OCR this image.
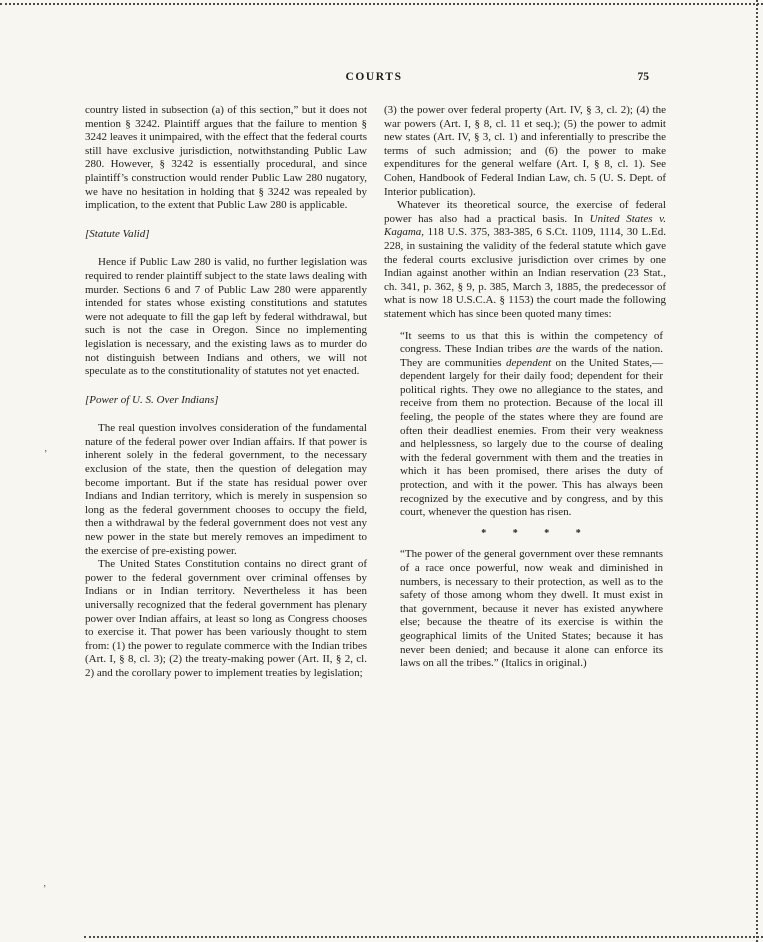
COURTS	75

country listed in subsection (a) of this section,” but it does not mention § 3242. Plaintiff argues that the failure to mention § 3242 leaves it unimpaired, with the effect that the federal courts still have exclusive jurisdiction, notwithstanding Public Law 280. However, § 3242 is essentially procedural, and since plaintiff’s construction would render Public Law 280 nugatory, we have no hesitation in holding that § 3242 was repealed by implication, to the extent that Public Law 280 is applicable.

[Statute Valid]

Hence if Public Law 280 is valid, no further legislation was required to render plaintiff subject to the state laws dealing with murder. Sections 6 and 7 of Public Law 280 were apparently intended for states whose existing constitutions and statutes were not adequate to fill the gap left by federal withdrawal, but such is not the case in Oregon. Since no implementing legislation is necessary, and the existing laws as to murder do not distinguish between Indians and others, we will not speculate as to the constitutionality of statutes not yet enacted.

[Power of U. S. Over Indians]

The real question involves consideration of the fundamental nature of the federal power over Indian affairs. If that power is inherent solely in the federal government, to the necessary exclusion of the state, then the question of delegation may become important. But if the state has residual power over Indians and Indian territory, which is merely in suspension so long as the federal government chooses to occupy the field, then a withdrawal by the federal government does not vest any new power in the state but merely removes an impediment to the exercise of pre-existing power.

The United States Constitution contains no direct grant of power to the federal government over criminal offenses by Indians or in Indian territory. Nevertheless it has been universally recognized that the federal government has plenary power over Indian affairs, at least so long as Congress chooses to exercise it. That power has been variously thought to stem from: (1) the power to regulate commerce with the Indian tribes (Art. I, § 8, cl. 3); (2) the treaty-making power (Art. II, § 2, cl. 2) and the corollary power to implement treaties by legislation;

(3) the power over federal property (Art. IV, § 3, cl. 2); (4) the war powers (Art. I, § 8, cl. 11 et seq.); (5) the power to admit new states (Art. IV, § 3, cl. 1) and inferentially to prescribe the terms of such admission; and (6) the power to make expenditures for the general welfare (Art. I, § 8, cl. 1). See Cohen, Handbook of Federal Indian Law, ch. 5 (U. S. Dept. of Interior publication).

Whatever its theoretical source, the exercise of federal power has also had a practical basis. In United States v. Kagama, 118 U.S. 375, 383-385, 6 S.Ct. 1109, 1114, 30 L.Ed. 228, in sustaining the validity of the federal statute which gave the federal courts exclusive jurisdiction over crimes by one Indian against another within an Indian reservation (23 Stat., ch. 341, p. 362, § 9, p. 385, March 3, 1885, the predecessor of what is now 18 U.S.C.A. § 1153) the court made the following statement which has since been quoted many times:

“It seems to us that this is within the competency of congress. These Indian tribes are the wards of the nation. They are communities dependent on the United States,—dependent largely for their daily food; dependent for their political rights. They owe no allegiance to the states, and receive from them no protection. Because of the local ill feeling, the people of the states where they are found are often their deadliest enemies. From their very weakness and helplessness, so largely due to the course of dealing with the federal government with them and the treaties in which it has been promised, there arises the duty of protection, and with it the power. This has always been recognized by the executive and by congress, and by this court, whenever the question has risen.
* * * *
“The power of the general government over these remnants of a race once powerful, now weak and diminished in numbers, is necessary to their protection, as well as to the safety of those among whom they dwell. It must exist in that government, because it never has existed anywhere else; because the theatre of its exercise is within the geographical limits of the United States; because it has never been denied; and because it alone can enforce its laws on all the tribes.” (Italics in original.)
’
’
